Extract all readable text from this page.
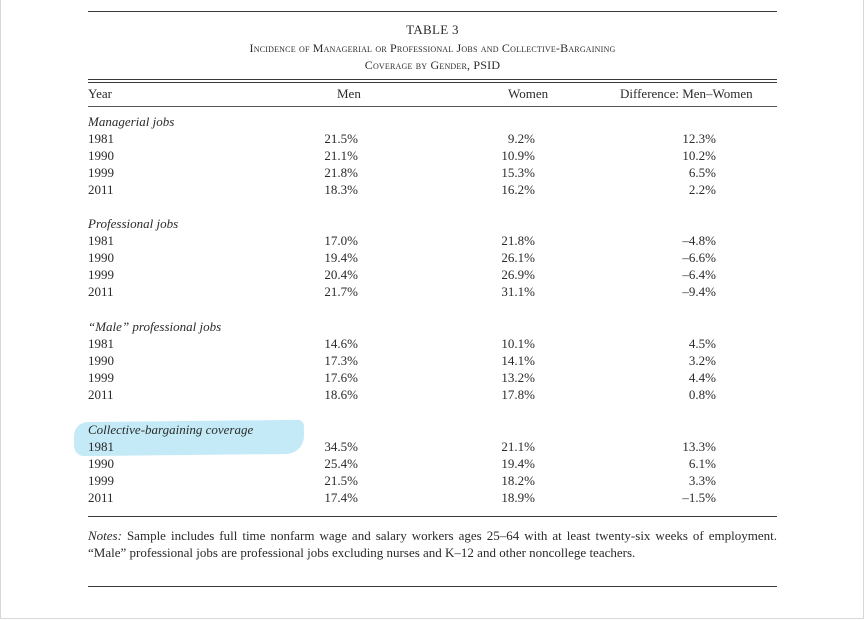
TABLE 3
Incidence of Managerial or Professional Jobs and Collective-Bargaining
Coverage by Gender, PSID
Year	Men	Women	Difference: Men–Women
Managerial jobs
1981	21.5%	9.2%	12.3%
1990	21.1%	10.9%	10.2%
1999	21.8%	15.3%	6.5%
2011	18.3%	16.2%	2.2%
Professional jobs
1981	17.0%	21.8%	–4.8%
1990	19.4%	26.1%	–6.6%
1999	20.4%	26.9%	–6.4%
2011	21.7%	31.1%	–9.4%
“Male” professional jobs
1981	14.6%	10.1%	4.5%
1990	17.3%	14.1%	3.2%
1999	17.6%	13.2%	4.4%
2011	18.6%	17.8%	0.8%
Collective-bargaining coverage
1981	34.5%	21.1%	13.3%
1990	25.4%	19.4%	6.1%
1999	21.5%	18.2%	3.3%
2011	17.4%	18.9%	–1.5%
Notes: Sample includes full time nonfarm wage and salary workers ages 25–64 with at least twenty-six weeks of employment. “Male” professional jobs are professional jobs excluding nurses and K–12 and other noncollege teachers.
